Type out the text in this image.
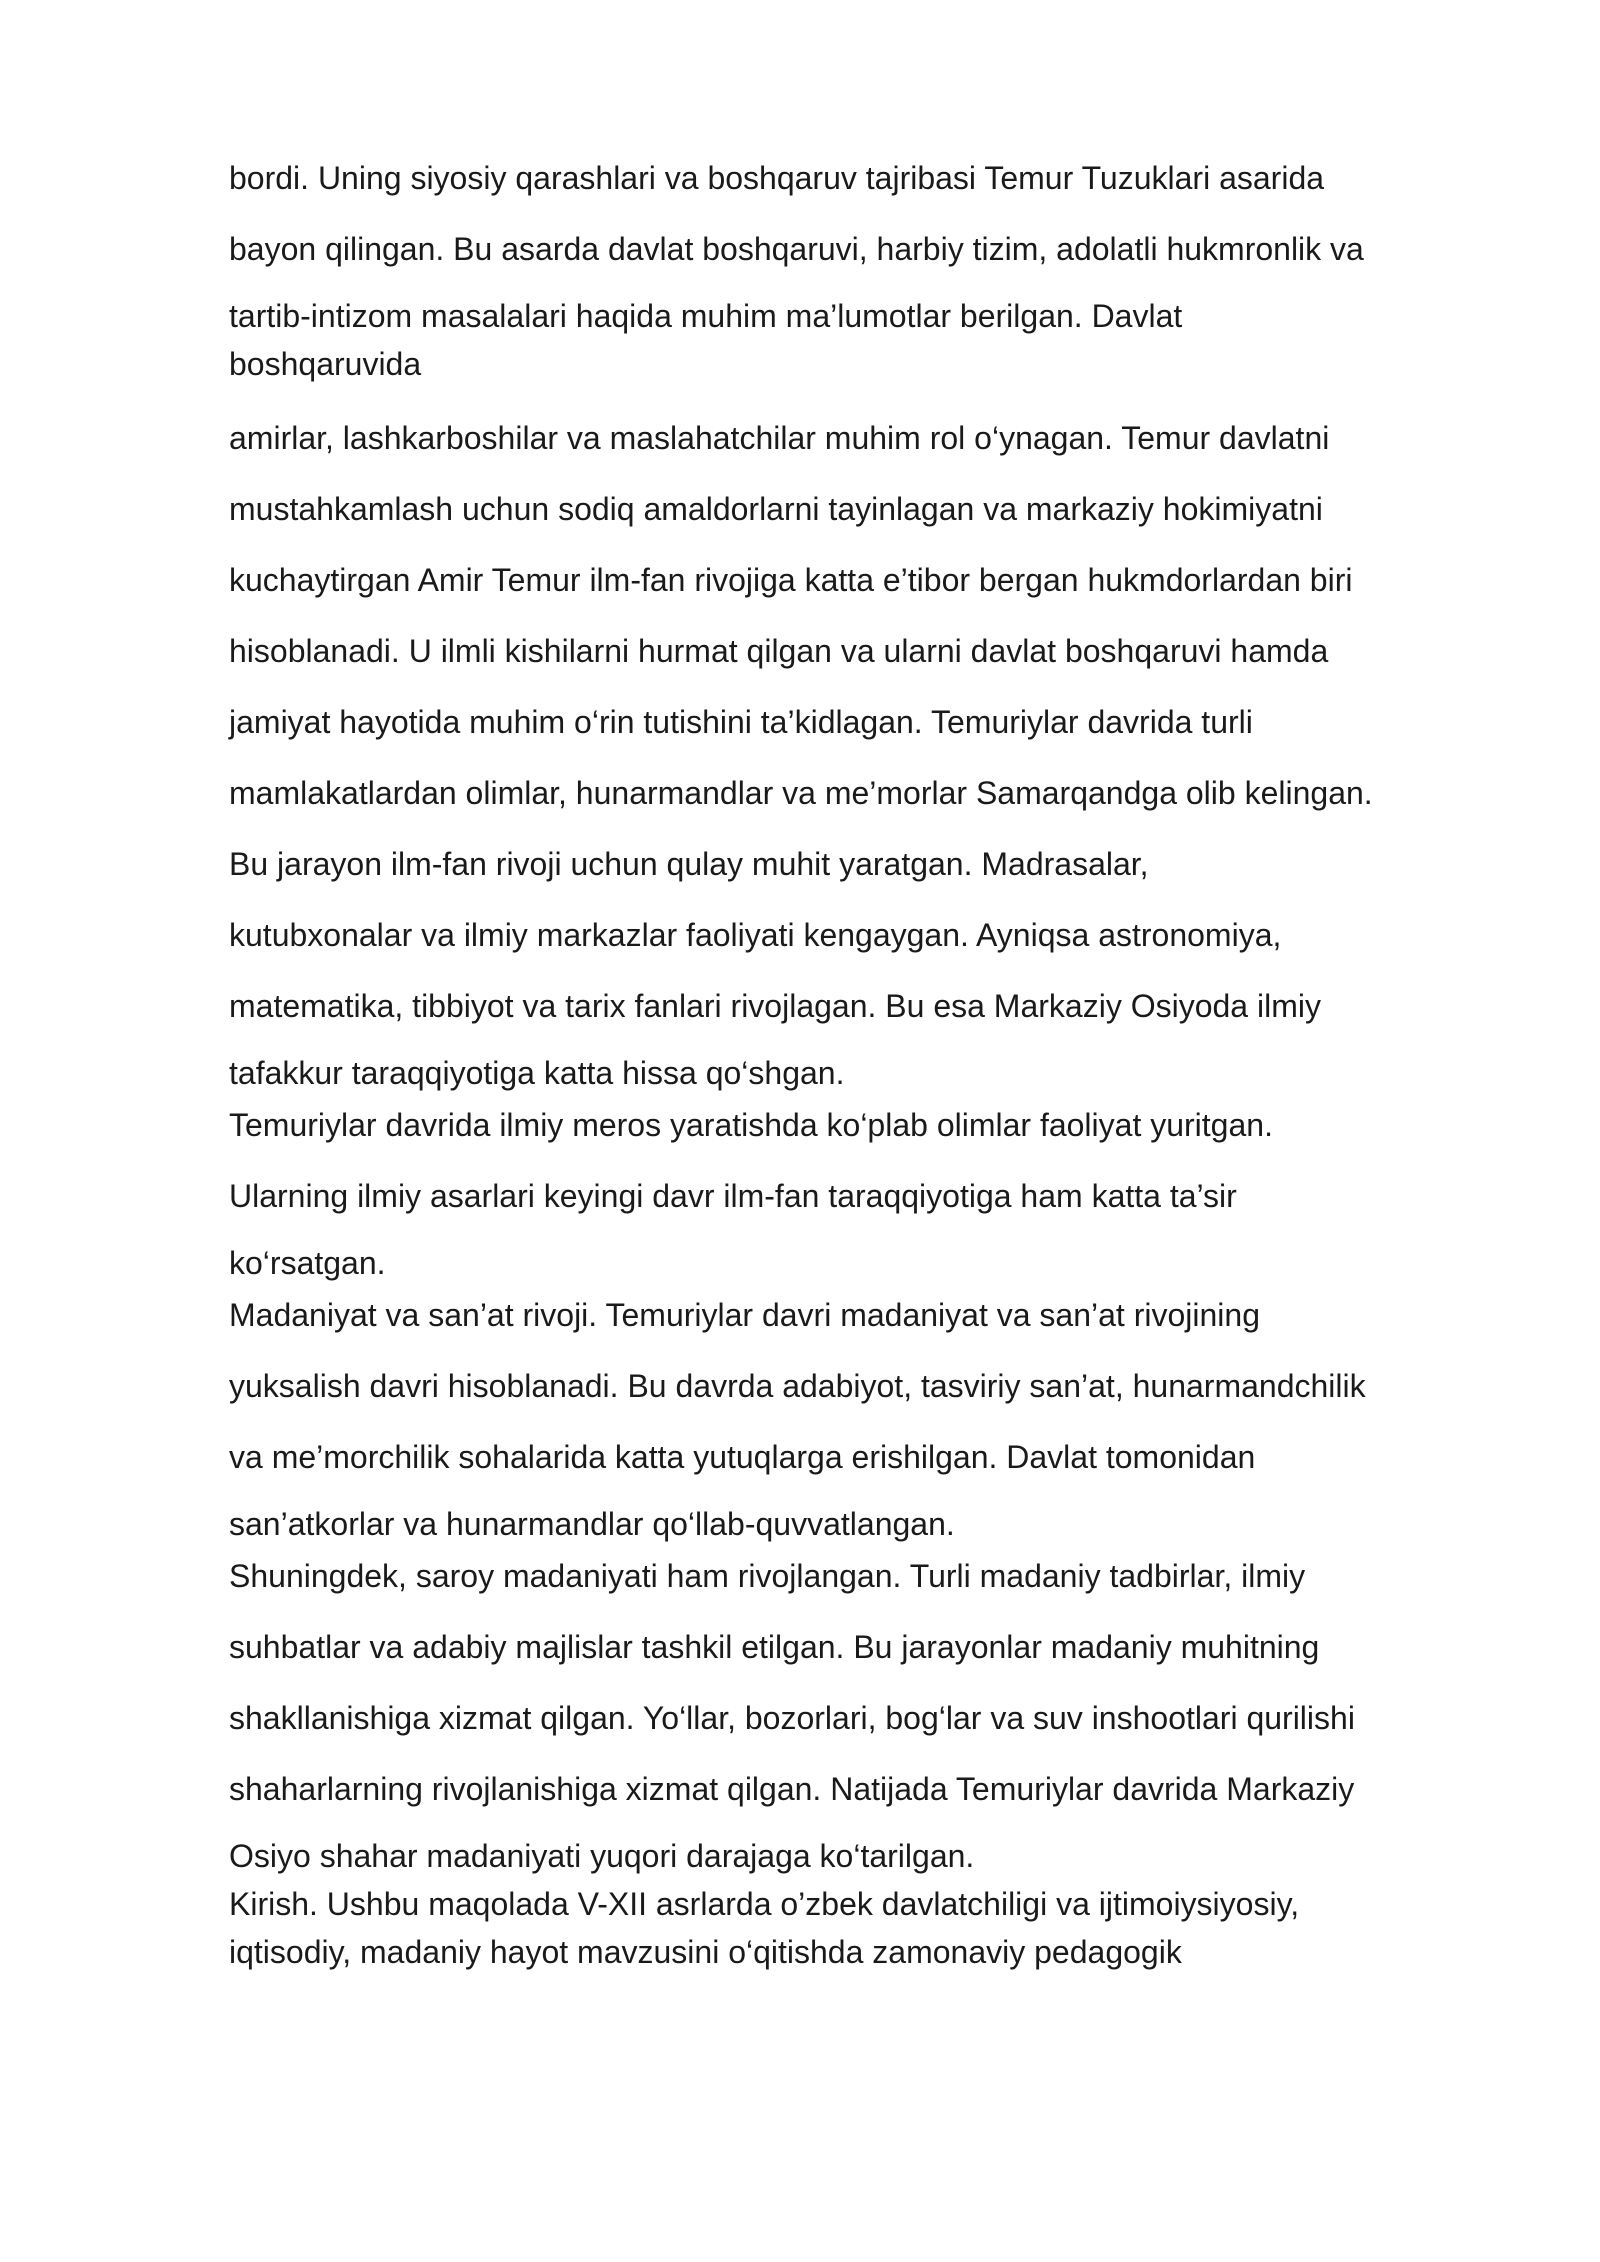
bordi. Uning siyosiy qarashlari va boshqaruv tajribasi Temur Tuzuklari asarida
bayon qilingan. Bu asarda davlat boshqaruvi, harbiy tizim, adolatli hukmronlik va
tartib-intizom masalalari haqida muhim ma’lumotlar berilgan. Davlat
boshqaruvida
amirlar, lashkarboshilar va maslahatchilar muhim rol o‘ynagan. Temur davlatni
mustahkamlash uchun sodiq amaldorlarni tayinlagan va markaziy hokimiyatni
kuchaytirgan Amir Temur ilm-fan rivojiga katta e’tibor bergan hukmdorlardan biri
hisoblanadi. U ilmli kishilarni hurmat qilgan va ularni davlat boshqaruvi hamda
jamiyat hayotida muhim o‘rin tutishini ta’kidlagan. Temuriylar davrida turli
mamlakatlardan olimlar, hunarmandlar va me’morlar Samarqandga olib kelingan.
Bu jarayon ilm-fan rivoji uchun qulay muhit yaratgan. Madrasalar,
kutubxonalar va ilmiy markazlar faoliyati kengaygan. Ayniqsa astronomiya,
matematika, tibbiyot va tarix fanlari rivojlagan. Bu esa Markaziy Osiyoda ilmiy
tafakkur taraqqiyotiga katta hissa qo‘shgan.
Temuriylar davrida ilmiy meros yaratishda ko‘plab olimlar faoliyat yuritgan.
Ularning ilmiy asarlari keyingi davr ilm-fan taraqqiyotiga ham katta ta’sir
ko‘rsatgan.
Madaniyat va san’at rivoji. Temuriylar davri madaniyat va san’at rivojining
yuksalish davri hisoblanadi. Bu davrda adabiyot, tasviriy san’at, hunarmandchilik
va me’morchilik sohalarida katta yutuqlarga erishilgan. Davlat tomonidan
san’atkorlar va hunarmandlar qo‘llab-quvvatlangan.
Shuningdek, saroy madaniyati ham rivojlangan. Turli madaniy tadbirlar, ilmiy
suhbatlar va adabiy majlislar tashkil etilgan. Bu jarayonlar madaniy muhitning
shakllanishiga xizmat qilgan. Yo‘llar, bozorlari, bog‘lar va suv inshootlari qurilishi
shaharlarning rivojlanishiga xizmat qilgan. Natijada Temuriylar davrida Markaziy
Osiyo shahar madaniyati yuqori darajaga ko‘tarilgan.
Kirish. Ushbu maqolada V-XII asrlarda o’zbek davlatchiligi va ijtimoiysiyosiy,
iqtisodiy, madaniy hayot mavzusini o‘qitishda zamonaviy pedagogik
